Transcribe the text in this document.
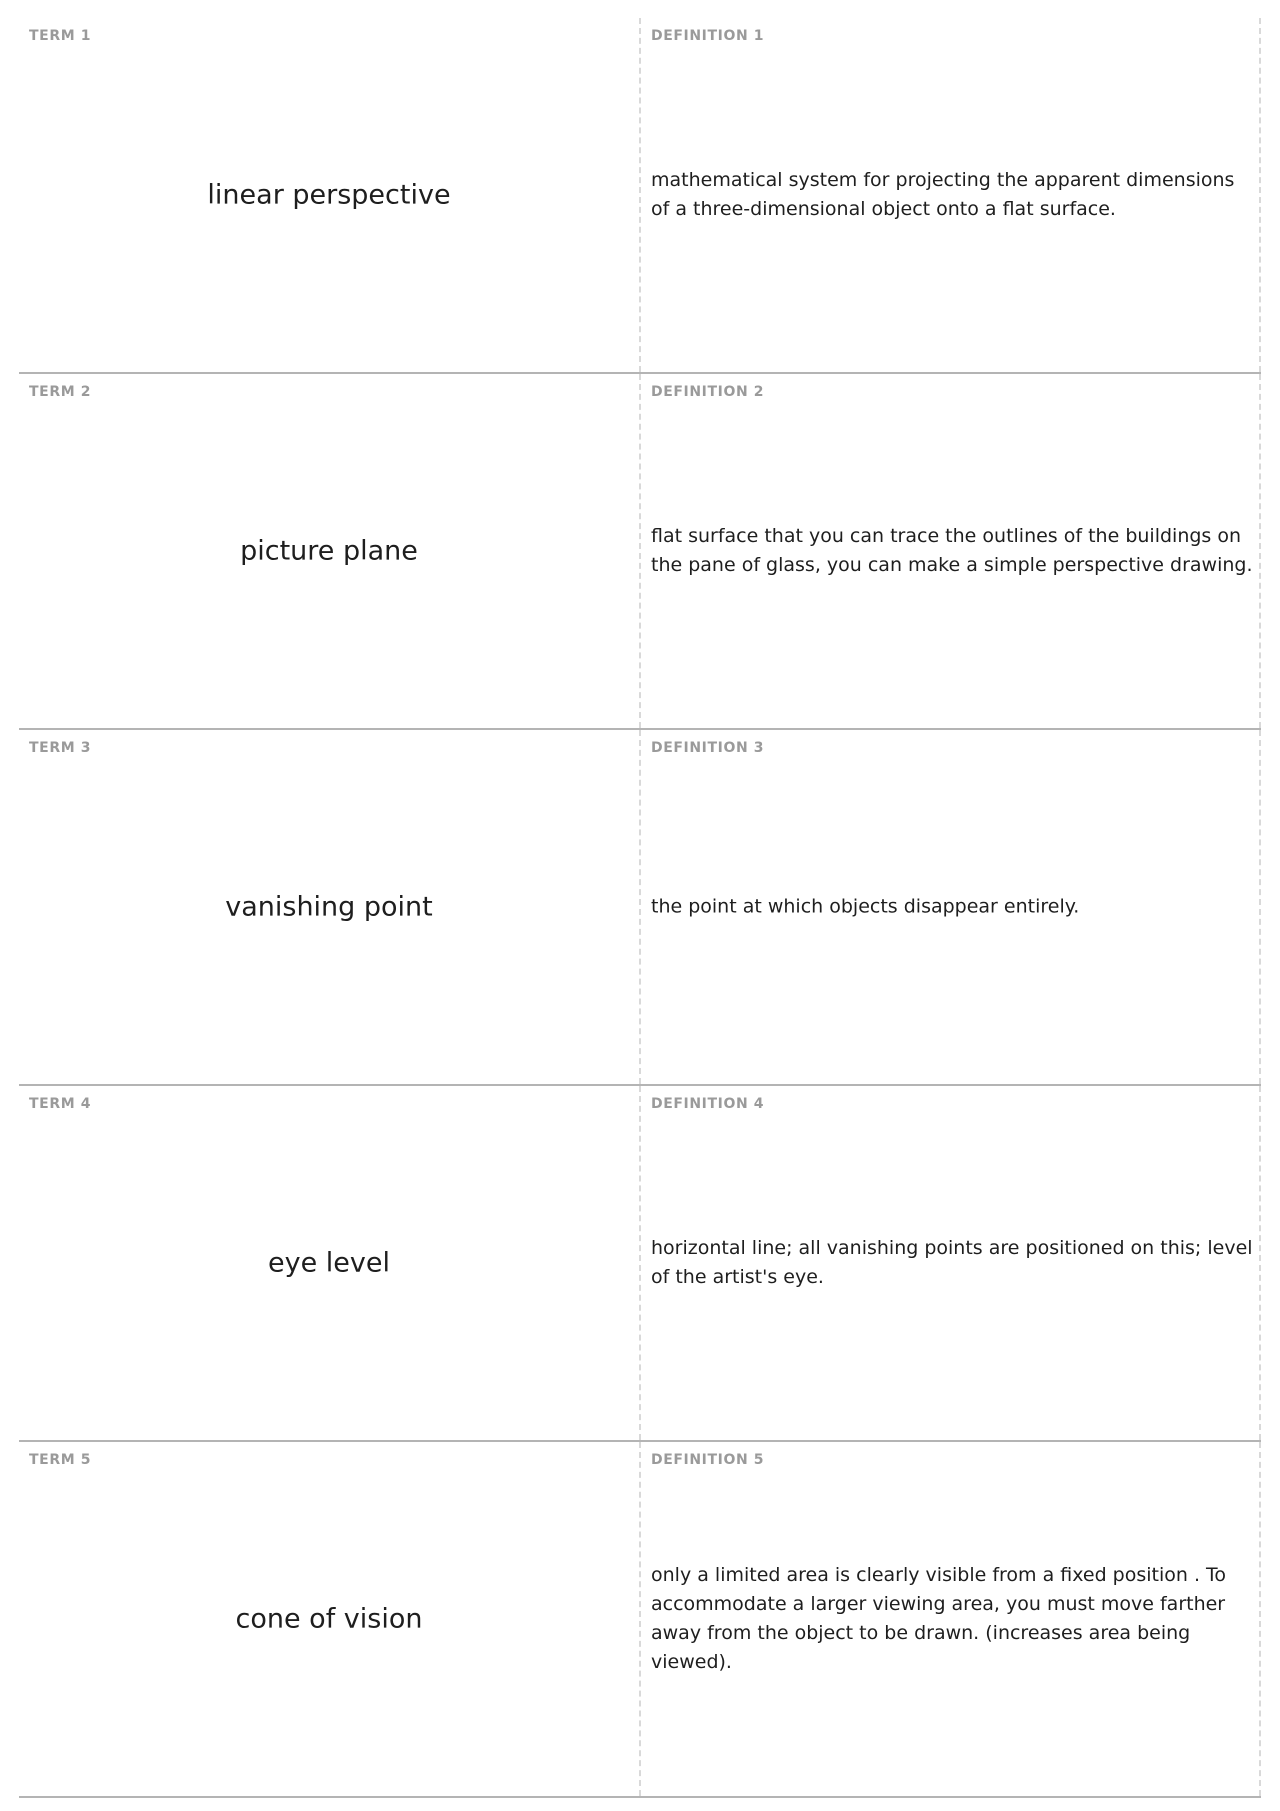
TERM 1
linear perspective
DEFINITION 1
mathematical system for projecting the apparent dimensions of a three-dimensional object onto a flat surface.
TERM 2
picture plane
DEFINITION 2
flat surface that you can trace the outlines of the buildings on the pane of glass, you can make a simple perspective drawing.
TERM 3
vanishing point
DEFINITION 3
the point at which objects disappear entirely.
TERM 4
eye level
DEFINITION 4
horizontal line; all vanishing points are positioned on this; level of the artist's eye.
TERM 5
cone of vision
DEFINITION 5
only a limited area is clearly visible from a fixed position . To accommodate a larger viewing area, you must move farther away from the object to be drawn. (increases area being viewed).
